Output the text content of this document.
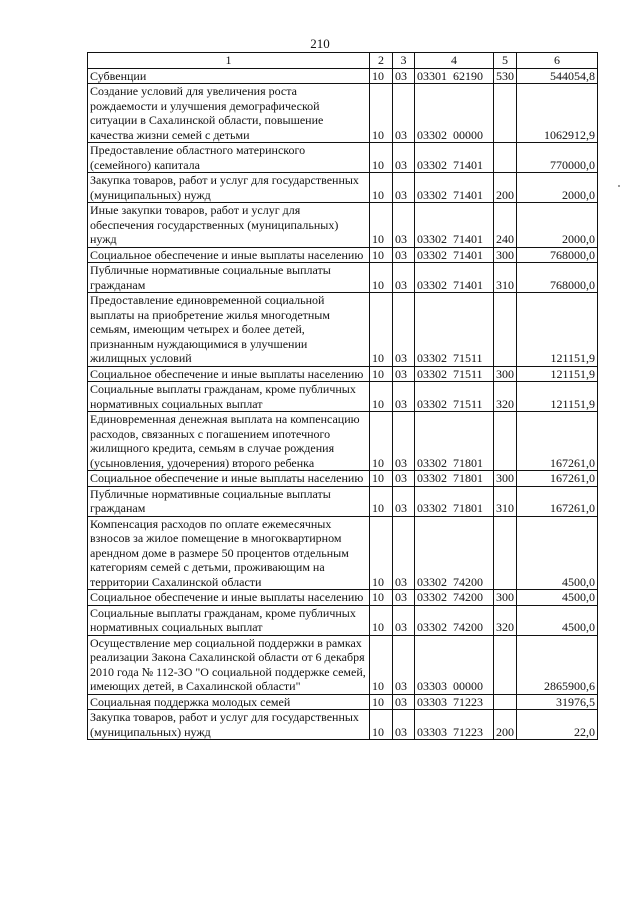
210
1	2	3	4	5	6
Субвенции	10	03	03301  62190	530	544054,8
Создание условий для увеличения роста рождаемости и улучшения демографической ситуации в Сахалинской области, повышение качества жизни семей с детьми	10	03	03302  00000		1062912,9
Предоставление областного материнского (семейного) капитала	10	03	03302  71401		770000,0
Закупка товаров, работ и услуг для государственных (муниципальных) нужд	10	03	03302  71401	200	2000,0
Иные закупки товаров, работ и услуг для обеспечения государственных (муниципальных) нужд	10	03	03302  71401	240	2000,0
Социальное обеспечение и иные выплаты населению	10	03	03302  71401	300	768000,0
Публичные нормативные социальные выплаты гражданам	10	03	03302  71401	310	768000,0
Предоставление единовременной социальной выплаты на приобретение жилья многодетным семьям, имеющим четырех и более детей, признанным нуждающимися в улучшении жилищных условий	10	03	03302  71511		121151,9
Социальное обеспечение и иные выплаты населению	10	03	03302  71511	300	121151,9
Социальные выплаты гражданам, кроме публичных нормативных социальных выплат	10	03	03302  71511	320	121151,9
Единовременная денежная выплата на компенсацию расходов, связанных с погашением ипотечного жилищного кредита, семьям в случае рождения (усыновления, удочерения) второго ребенка	10	03	03302  71801		167261,0
Социальное обеспечение и иные выплаты населению	10	03	03302  71801	300	167261,0
Публичные нормативные социальные выплаты гражданам	10	03	03302  71801	310	167261,0
Компенсация расходов по оплате ежемесячных взносов за жилое помещение в многоквартирном арендном доме в размере 50 процентов отдельным категориям семей с детьми, проживающим на территории Сахалинской области	10	03	03302  74200		4500,0
Социальное обеспечение и иные выплаты населению	10	03	03302  74200	300	4500,0
Социальные выплаты гражданам, кроме публичных нормативных социальных выплат	10	03	03302  74200	320	4500,0
Осуществление мер социальной поддержки в рамках реализации Закона Сахалинской области от 6 декабря 2010 года № 112-ЗО "О социальной поддержке семей, имеющих детей, в Сахалинской области"	10	03	03303  00000		2865900,6
Социальная поддержка молодых семей	10	03	03303  71223		31976,5
Закупка товаров, работ и услуг для государственных (муниципальных) нужд	10	03	03303  71223	200	22,0
